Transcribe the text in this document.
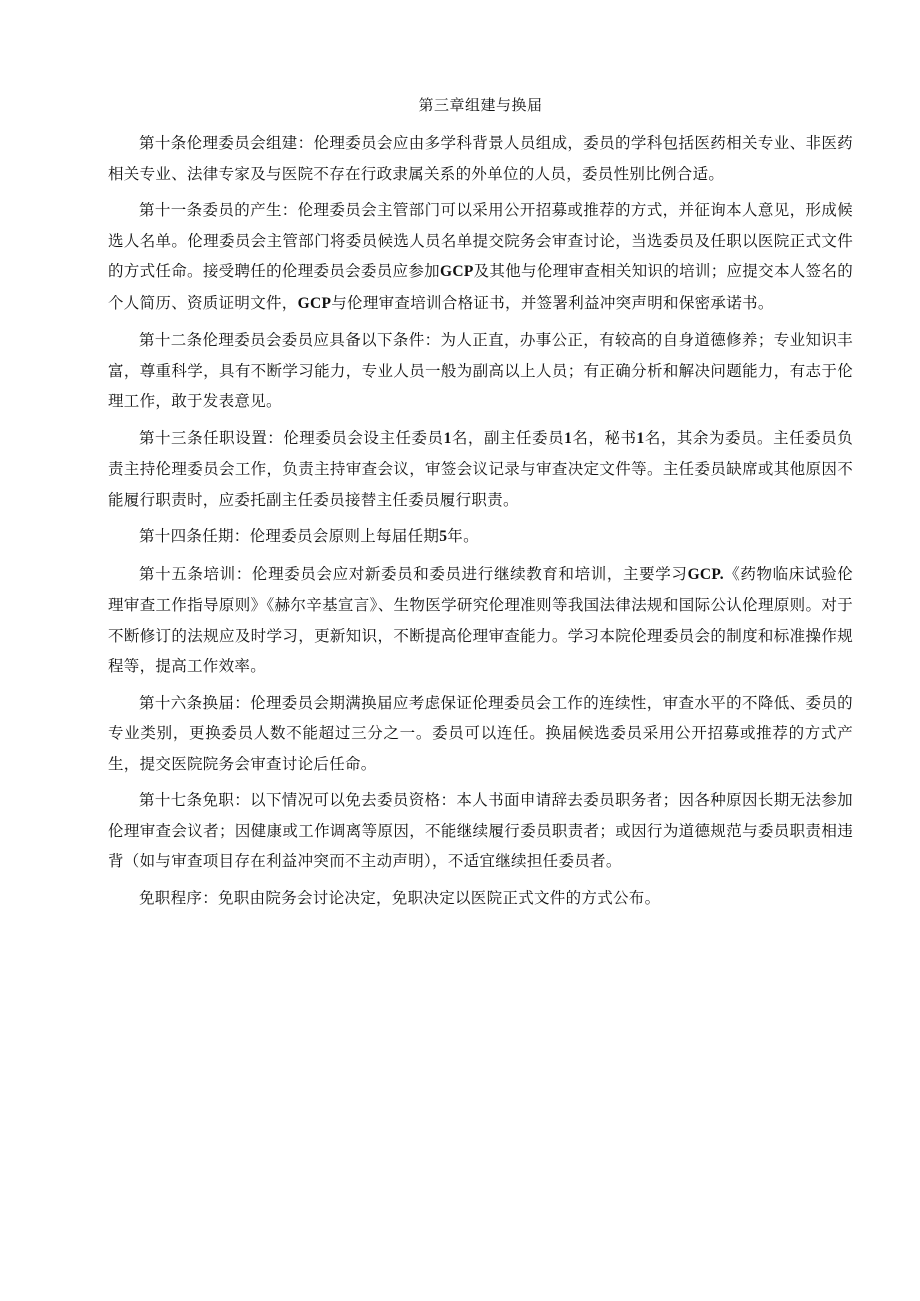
第三章组建与换届

第十条伦理委员会组建：伦理委员会应由多学科背景人员组成，委员的学科包括医药相关专业、非医药相关专业、法律专家及与医院不存在行政隶属关系的外单位的人员，委员性别比例合适。

第十一条委员的产生：伦理委员会主管部门可以采用公开招募或推荐的方式，并征询本人意见，形成候选人名单。伦理委员会主管部门将委员候选人员名单提交院务会审查讨论，当选委员及任职以医院正式文件的方式任命。接受聘任的伦理委员会委员应参加GCP及其他与伦理审查相关知识的培训；应提交本人签名的个人简历、资质证明文件，GCP与伦理审查培训合格证书，并签署利益冲突声明和保密承诺书。

第十二条伦理委员会委员应具备以下条件：为人正直，办事公正，有较高的自身道德修养；专业知识丰富，尊重科学，具有不断学习能力，专业人员一般为副高以上人员；有正确分析和解决问题能力，有志于伦理工作，敢于发表意见。

第十三条任职设置：伦理委员会设主任委员1名，副主任委员1名，秘书1名，其余为委员。主任委员负责主持伦理委员会工作，负责主持审查会议，审签会议记录与审查决定文件等。主任委员缺席或其他原因不能履行职责时，应委托副主任委员接替主任委员履行职责。

第十四条任期：伦理委员会原则上每届任期5年。

第十五条培训：伦理委员会应对新委员和委员进行继续教育和培训，主要学习GCP.《药物临床试验伦理审查工作指导原则》《赫尔辛基宣言》、生物医学研究伦理准则等我国法律法规和国际公认伦理原则。对于不断修订的法规应及时学习，更新知识，不断提高伦理审查能力。学习本院伦理委员会的制度和标准操作规程等，提高工作效率。

第十六条换届：伦理委员会期满换届应考虑保证伦理委员会工作的连续性，审查水平的不降低、委员的专业类别，更换委员人数不能超过三分之一。委员可以连任。换届候选委员采用公开招募或推荐的方式产生，提交医院院务会审查讨论后任命。

第十七条免职：以下情况可以免去委员资格：本人书面申请辞去委员职务者；因各种原因长期无法参加伦理审查会议者；因健康或工作调离等原因，不能继续履行委员职责者；或因行为道德规范与委员职责相违背（如与审查项目存在利益冲突而不主动声明），不适宜继续担任委员者。

免职程序：免职由院务会讨论决定，免职决定以医院正式文件的方式公布。
